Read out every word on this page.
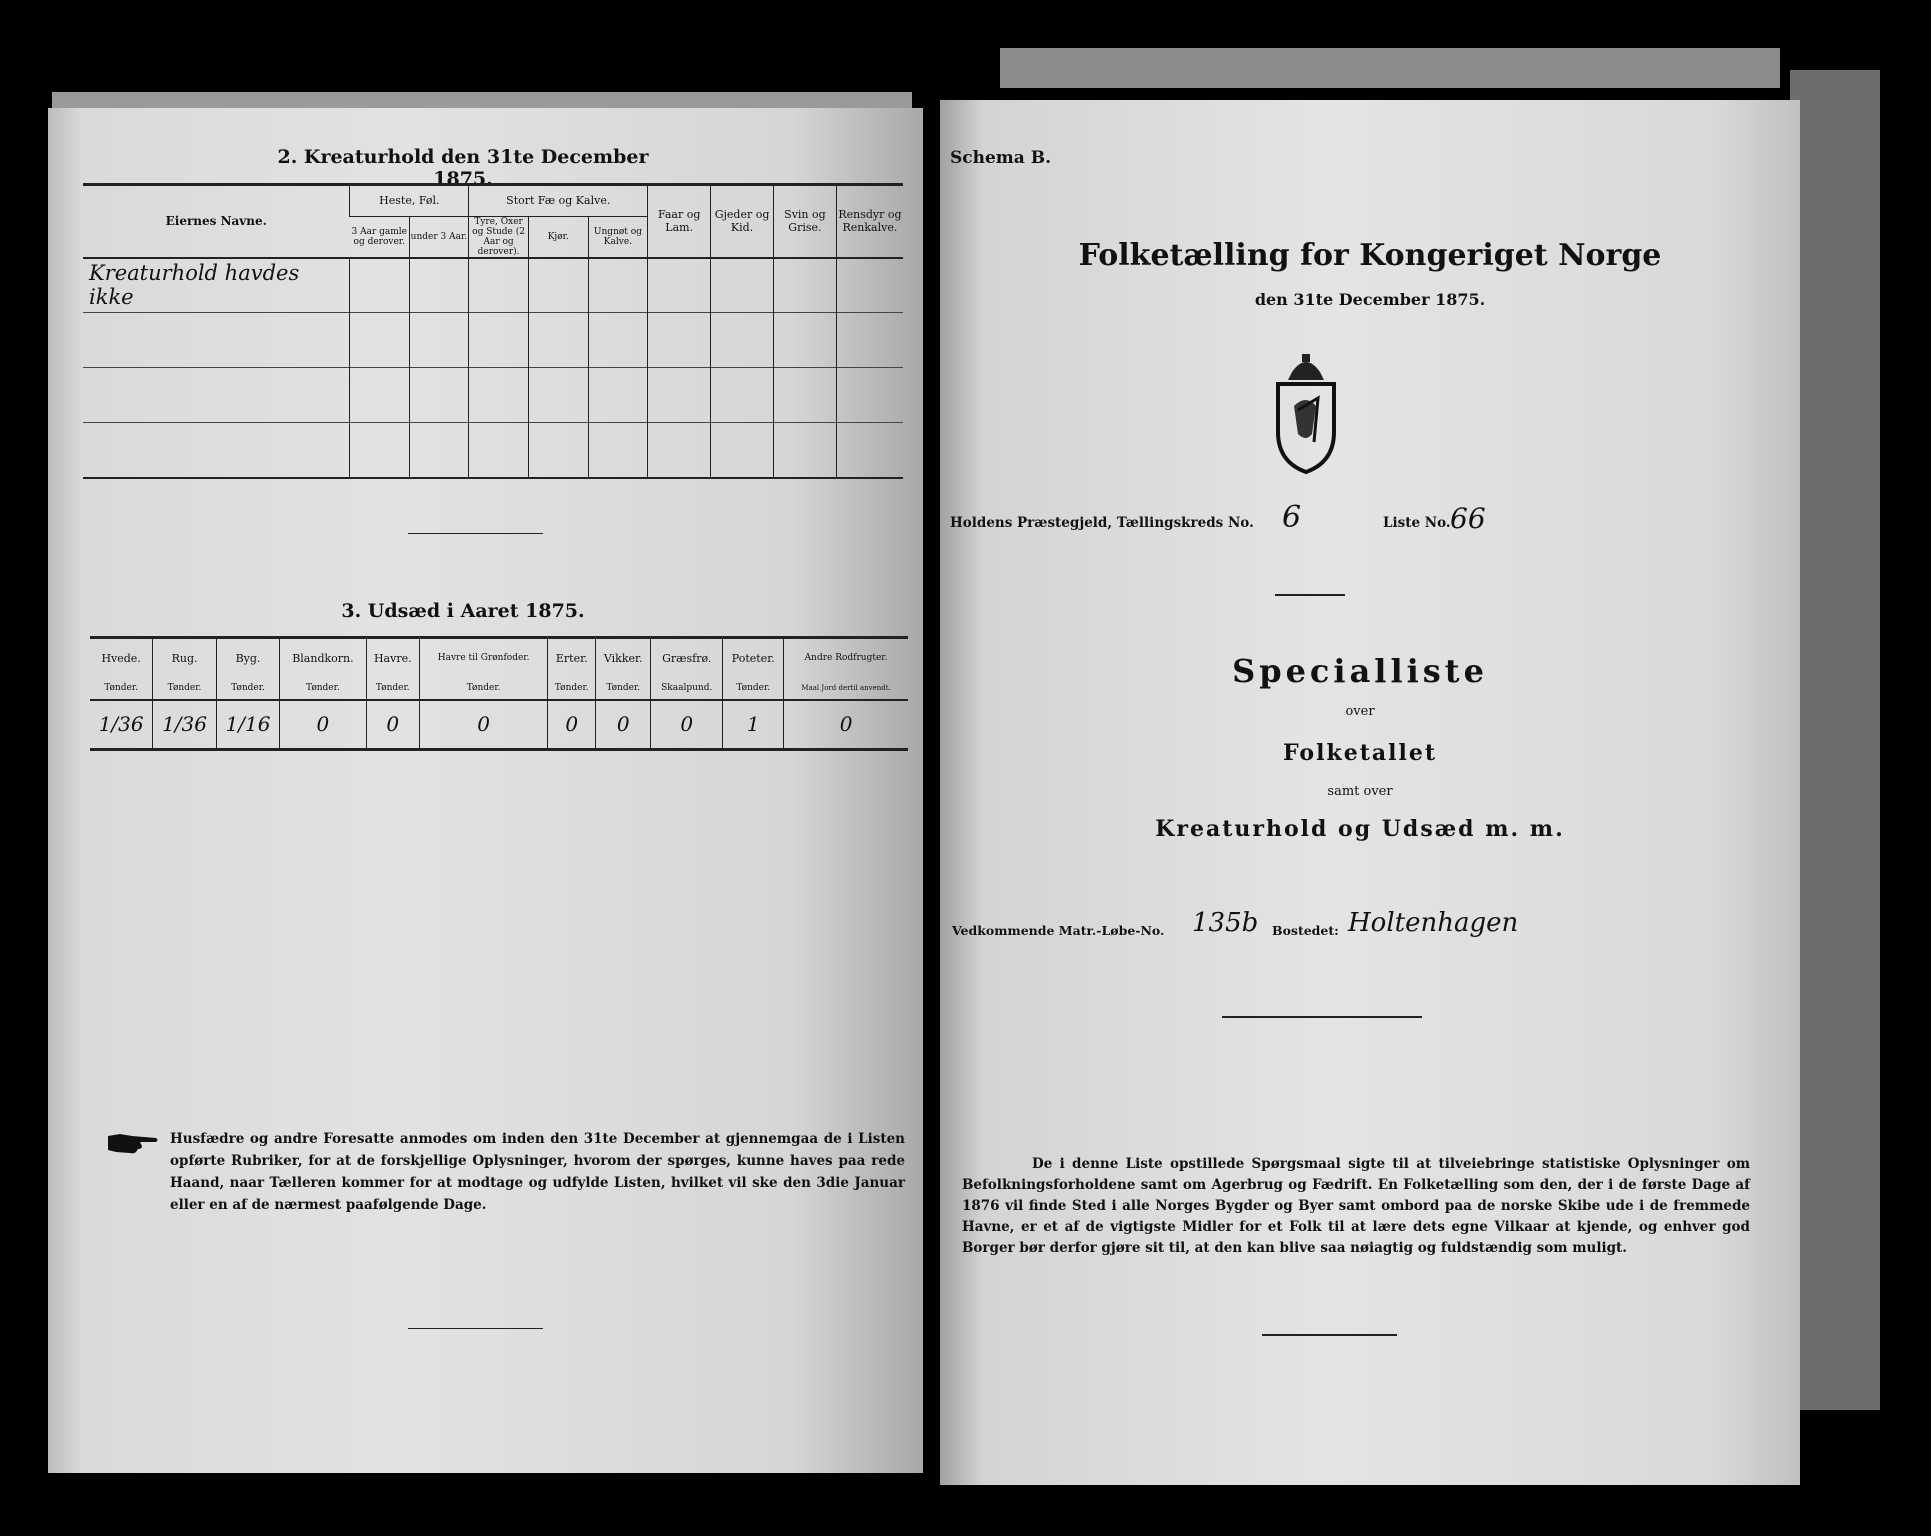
2. Kreaturhold den 31te December 1875.
Eiernes Navne.	Heste, Føl.		Stort Fæ og Kalve.			Faar og Lam.	Gjeder og Kid.	Svin og Grise.	Rensdyr og Renkalve.
	3 Aar gamle og derover.	under 3 Aar.	Tyre, Oxer og Stude (2 Aar og derover).	Kjør.	Ungnøt og Kalve.				
Kreaturhold havdes ikke									

3. Udsæd i Aaret 1875.
Hvede.	Rug.	Byg.	Blandkorn.	Havre.	Havre til Grønfoder.	Erter.	Vikker.	Græsfrø.	Poteter.	Andre Rodfrugter.
Tønder.	Tønder.	Tønder.	Tønder.	Tønder.	Tønder.	Tønder.	Tønder.	Skaalpund.	Tønder.	Maal Jord dertil anvendt.
1/36	1/36	1/16	0	0	0	0	0	0	1	0
Husfædre og andre Foresatte anmodes om inden den 31te December at gjennemgaa de i Listen opførte Rubriker, for at de forskjellige Oplysninger, hvorom der spørges, kunne haves paa rede Haand, naar Tælleren kommer for at modtage og udfylde Listen, hvilket vil ske den 3die Januar eller en af de nærmest paafølgende Dage.
Schema B.
Folketælling for Kongeriget Norge
den 31te December 1875.
Holdens Præstegjeld, Tællingskreds No. 6	Liste No. 66
Specialliste
over
Folketallet
samt over
Kreaturhold og Udsæd m. m.
Vedkommende Matr.-Løbe-No. 135b Bostedet: Holtenhagen
De i denne Liste opstillede Spørgsmaal sigte til at tilveiebringe statistiske Oplysninger om Befolkningsforholdene samt om Agerbrug og Fædrift. En Folketælling som den, der i de første Dage af 1876 vil finde Sted i alle Norges Bygder og Byer samt ombord paa de norske Skibe ude i de fremmede Havne, er et af de vigtigste Midler for et Folk til at lære dets egne Vilkaar at kjende, og enhver god Borger bør derfor gjøre sit til, at den kan blive saa nøiagtig og fuldstændig som muligt.
